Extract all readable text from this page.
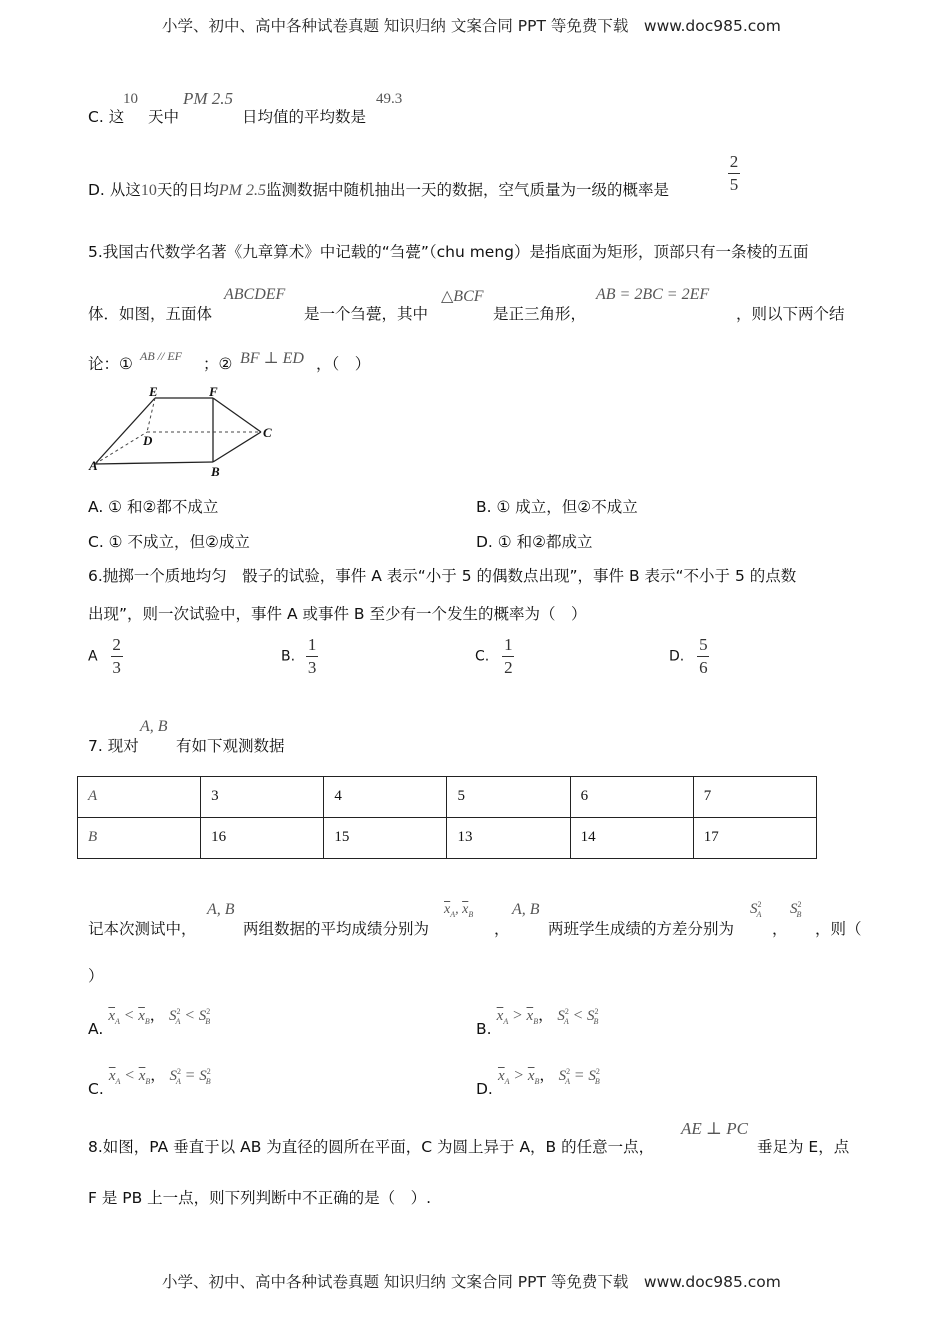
小学、初中、高中各种试卷真题 知识归纳 文案合同 PPT 等免费下载　 www.doc985.com
C. 这
10
天中
PM 2.5
日均值的平均数是
49.3
D. 从这10天的日均PM 2.5监测数据中随机抽出一天的数据，空气质量为一级的概率是	$\frac{2}{5}$
5.我国古代数学名著《九章算术》中记载的“刍甍”（chu meng）是指底面为矩形，顶部只有一条棱的五面
体．如图，五面体
ABCDEF
是一个刍甍，其中
△BCF
是正三角形，
AB = 2BC = 2EF
，则以下两个结
论：① AB // EF ；② BF ⊥ ED ，（　）
E	F
D
C
A	B
A. ① 和②都不成立	B. ① 成立，但②不成立
C. ① 不成立，但②成立	D. ① 和②都成立
6.抛掷一个质地均匀　骰子的试验，事件 A 表示“小于 5 的偶数点出现”，事件 B 表示“不小于 5 的点数
出现”，则一次试验中，事件 A 或事件 B 至少有一个发生的概率为（　）
A $\frac{2}{3}$	B. $\frac{1}{3}$	C. $\frac{1}{2}$	D. $\frac{5}{6}$
7. 现对
A, B
有如下观测数据
A	3	4	5	6	7
B	16	15	13	14	17
记本次测试中，
A, B
两组数据的平均成绩分别为
$\overline{x}_A$, $\overline{x}_B$
，
A, B
两班学生成绩的方差分别为
$S^2_A$
，
$S^2_B$
，则（
）
A. $\overline{x}_A < \overline{x}_B$， $S^2_A < S^2_B$	B. $\overline{x}_A > \overline{x}_B$， $S^2_A < S^2_B$
C. $\overline{x}_A < \overline{x}_B$， $S^2_A = S^2_B$	D. $\overline{x}_A > \overline{x}_B$， $S^2_A = S^2_B$
8.如图，PA 垂直于以 AB 为直径的圆所在平面，C 为圆上异于 A，B 的任意一点，
AE ⊥ PC
垂足为 E，点
F 是 PB 上一点，则下列判断中不正确的是（　）.
小学、初中、高中各种试卷真题 知识归纳 文案合同 PPT 等免费下载　 www.doc985.com
